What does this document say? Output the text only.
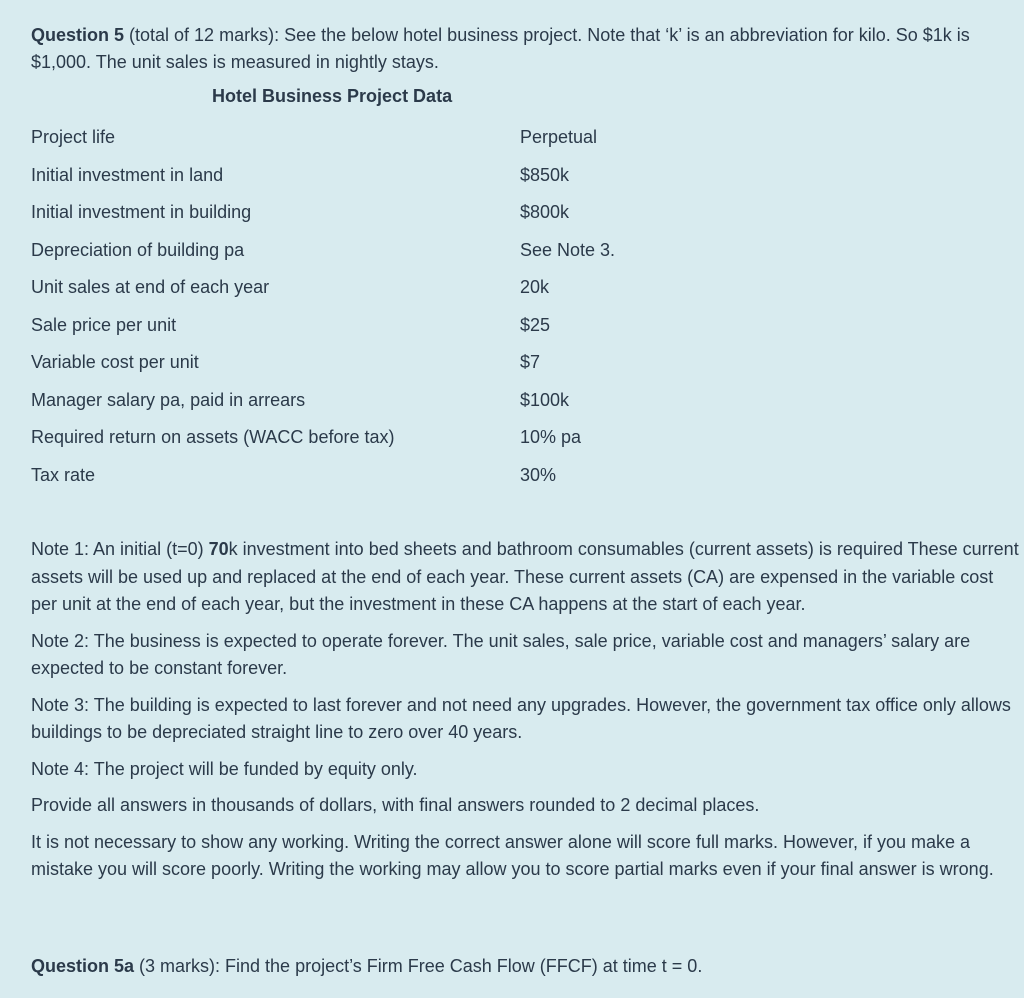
Question 5 (total of 12 marks): See the below hotel business project. Note that ‘k’ is an abbreviation for kilo. So $1k is $1,000. The unit sales is measured in nightly stays.

Hotel Business Project Data

Project life	Perpetual
Initial investment in land	$850k
Initial investment in building	$800k
Depreciation of building pa	See Note 3.
Unit sales at end of each year	20k
Sale price per unit	$25
Variable cost per unit	$7
Manager salary pa, paid in arrears	$100k
Required return on assets (WACC before tax)	10% pa
Tax rate	30%

Note 1: An initial (t=0) 70k investment into bed sheets and bathroom consumables (current assets) is required These current assets will be used up and replaced at the end of each year. These current assets (CA) are expensed in the variable cost per unit at the end of each year, but the investment in these CA happens at the start of each year.

Note 2: The business is expected to operate forever. The unit sales, sale price, variable cost and managers’ salary are expected to be constant forever.

Note 3: The building is expected to last forever and not need any upgrades. However, the government tax office only allows buildings to be depreciated straight line to zero over 40 years.

Note 4: The project will be funded by equity only.

Provide all answers in thousands of dollars, with final answers rounded to 2 decimal places.

It is not necessary to show any working. Writing the correct answer alone will score full marks. However, if you make a mistake you will score poorly. Writing the working may allow you to score partial marks even if your final answer is wrong.

Question 5a (3 marks): Find the project’s Firm Free Cash Flow (FFCF) at time t = 0.
